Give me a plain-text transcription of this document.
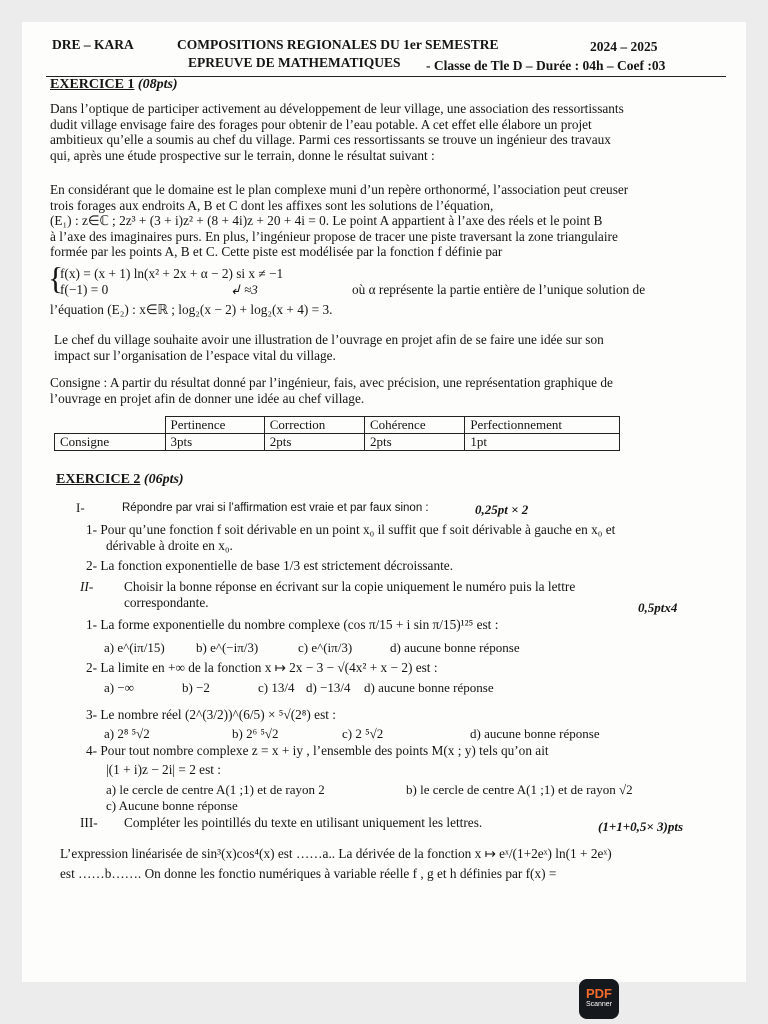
DRE – KARA	COMPOSITIONS REGIONALES DU 1er SEMESTRE	2024 – 2025
EPREUVE DE MATHEMATIQUES - Classe de Tle D – Durée : 04h – Coef :03
EXERCICE 1 (08pts)
Dans l’optique de participer activement au développement de leur village, une association des ressortissants
dudit village envisage faire des forages pour obtenir de l’eau potable. A cet effet elle élabore un projet
ambitieux qu’elle a soumis au chef du village. Parmi ces ressortissants se trouve un ingénieur des travaux
qui, après une étude prospective sur le terrain, donne le résultat suivant :
En considérant que le domaine est le plan complexe muni d’un repère orthonormé, l’association peut creuser
trois forages aux endroits A, B et C dont les affixes sont les solutions de l’équation,
(E₁) : z∈ℂ ; 2z³ + (3 + i)z² + (8 + 4i)z + 20 + 4i = 0. Le point A appartient à l’axe des réels et le point B
à l’axe des imaginaires purs. En plus, l’ingénieur propose de tracer une piste traversant la zone triangulaire
formée par les points A, B et C. Cette piste est modélisée par la fonction f définie par
{
f(x) = (x + 1) ln(x² + 2x + α − 2) si x ≠ −1
f(−1) = 0	↲ ≈3	où α représente la partie entière de l’unique solution de
l’équation (E₂) : x∈ℝ ; log₂(x − 2) + log₂(x + 4) = 3.
Le chef du village souhaite avoir une illustration de l’ouvrage en projet afin de se faire une idée sur son
impact sur l’organisation de l’espace vital du village.
Consigne : A partir du résultat donné par l’ingénieur, fais, avec précision, une représentation graphique de
l’ouvrage en projet afin de donner une idée au chef village.
	Pertinence	Correction	Cohérence	Perfectionnement
Consigne	3pts	2pts	2pts	1pt
EXERCICE 2 (06pts)
I-	Répondre par vrai si l’affirmation est vraie et par faux sinon :	0,25pt × 2
1- Pour qu’une fonction f soit dérivable en un point x₀ il suffit que f soit dérivable à gauche en x₀ et
dérivable à droite en x₀.
2- La fonction exponentielle de base 1/3 est strictement décroissante.
II- Choisir la bonne réponse en écrivant sur la copie uniquement le numéro puis la lettre
correspondante.	0,5ptx4
1- La forme exponentielle du nombre complexe (cos π/15 + i sin π/15)¹²⁵ est :
a) e^(iπ/15) b) e^(−iπ/3)	c) e^(iπ/3)	d) aucune bonne réponse
2- La limite en +∞ de la fonction x ↦ 2x − 3 − √(4x² + x − 2) est :
a) −∞	b) −2	c) 13/4 d) −13/4 d) aucune bonne réponse
3- Le nombre réel (2^(3/2))^(6/5) × ⁵√(2⁸) est :
a) 2⁸ ⁵√2	b) 2⁶ ⁵√2	c) 2 ⁵√2	d) aucune bonne réponse
4- Pour tout nombre complexe z = x + iy , l’ensemble des points M(x ; y) tels qu’on ait
|(1 + i)z − 2i| = 2 est :
a) le cercle de centre A(1 ;1) et de rayon 2	b) le cercle de centre A(1 ;1) et de rayon √2
c) Aucune bonne réponse
III- Compléter les pointillés du texte en utilisant uniquement les lettres.	(1+1+0,5× 3)pts
L’expression linéarisée de sin³(x)cos⁴(x) est ……a.. La dérivée de la fonction x ↦ eˣ/(1+2eˣ) ln(1 + 2eˣ)
est ……b……. On donne les fonctio numériques à variable réelle f , g et h définies par f(x) =
PDF
Scanner
